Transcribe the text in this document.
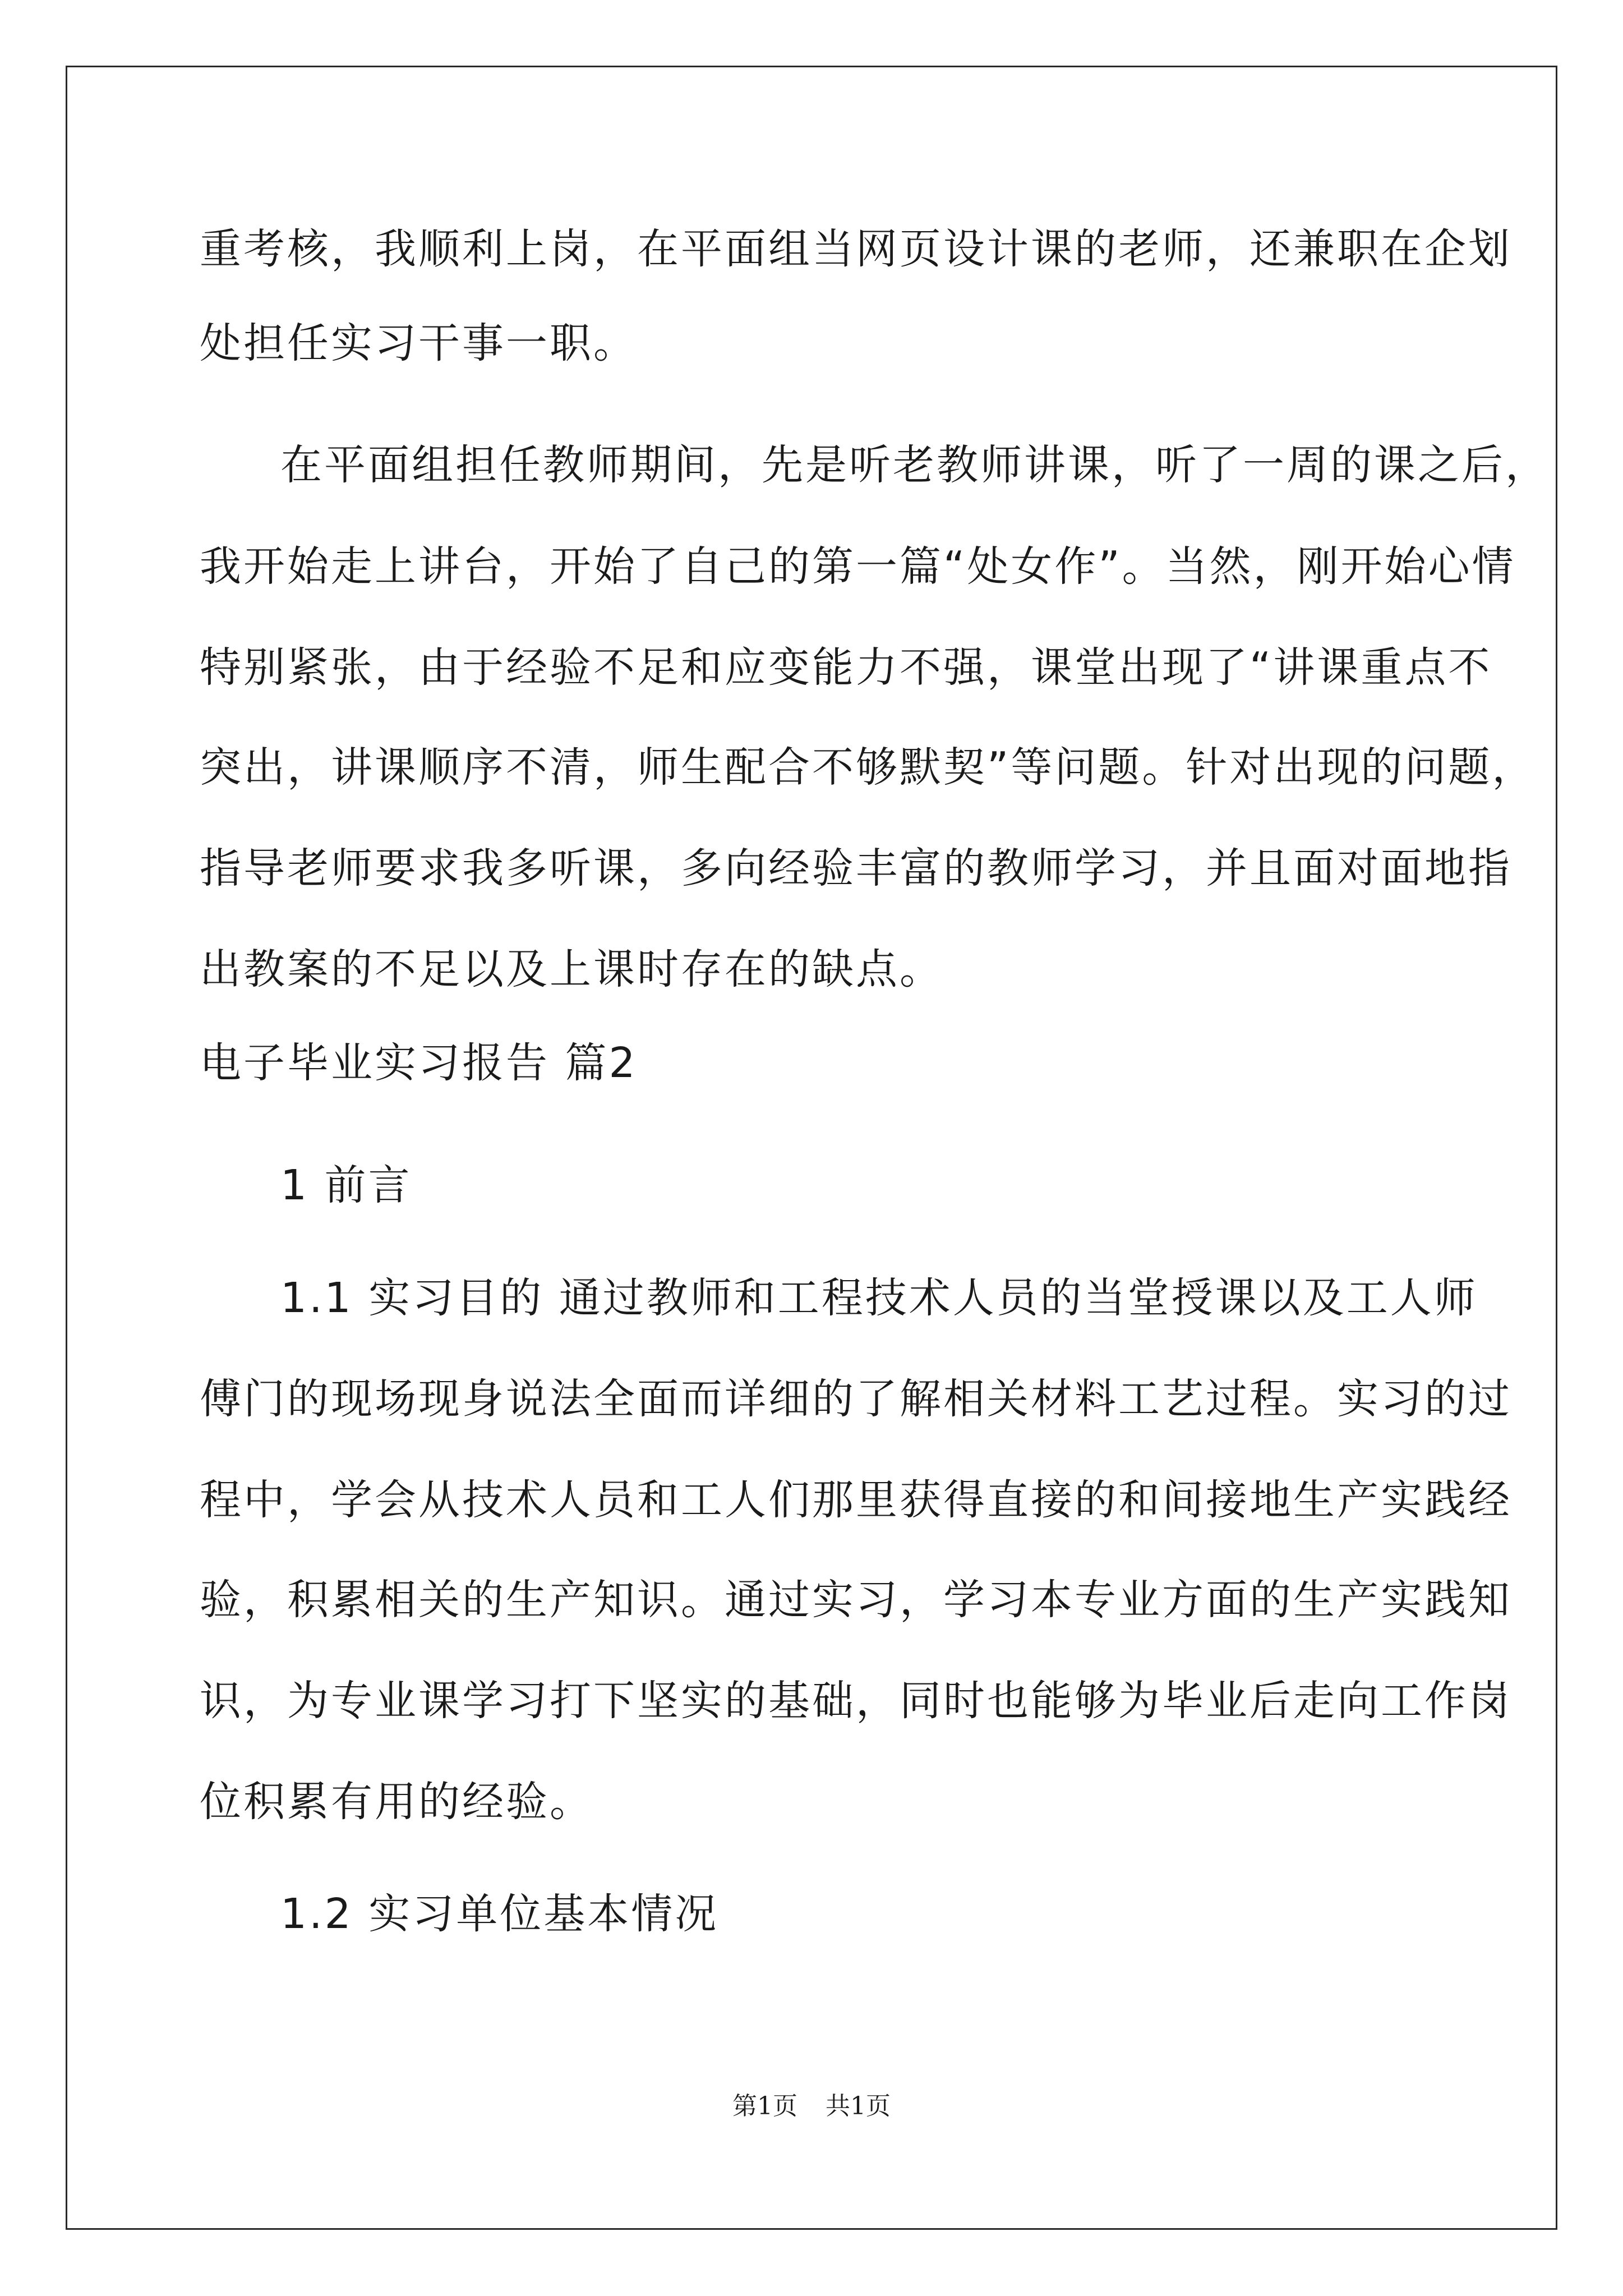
重考核，我顺利上岗，在平面组当网页设计课的老师，还兼职在企划
处担任实习干事一职。
在平面组担任教师期间，先是听老教师讲课，听了一周的课之后，
我开始走上讲台，开始了自己的第一篇“处女作”。当然，刚开始心情
特别紧张，由于经验不足和应变能力不强，课堂出现了“讲课重点不
突出，讲课顺序不清，师生配合不够默契”等问题。针对出现的问题，
指导老师要求我多听课，多向经验丰富的教师学习，并且面对面地指
出教案的不足以及上课时存在的缺点。
电子毕业实习报告 篇2
1 前言
1.1 实习目的 通过教师和工程技术人员的当堂授课以及工人师
傅门的现场现身说法全面而详细的了解相关材料工艺过程。实习的过
程中，学会从技术人员和工人们那里获得直接的和间接地生产实践经
验，积累相关的生产知识。通过实习，学习本专业方面的生产实践知
识，为专业课学习打下坚实的基础，同时也能够为毕业后走向工作岗
位积累有用的经验。
1.2 实习单位基本情况
第1页 共1页
